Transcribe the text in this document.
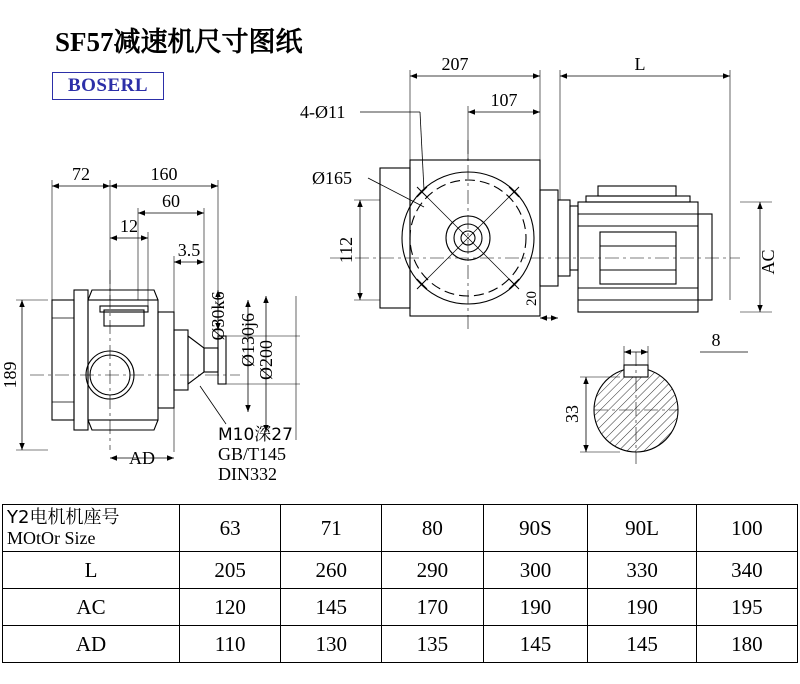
SF57减速机尺寸图纸
BOSERL
207	L
107
4-Ø11
Ø165
112
20
AC
72	160
60
12
3.5
189
AD
Ø30k6 Ø130j6
Ø200
M10深27
GB/T145
DIN332
8
33
Y2电机机座号
MOtOr Size	63	71	80	90S	90L	100
L	205	260	290	300	330	340
AC	120	145	170	190	190	195
AD	110	130	135	145	145	180
